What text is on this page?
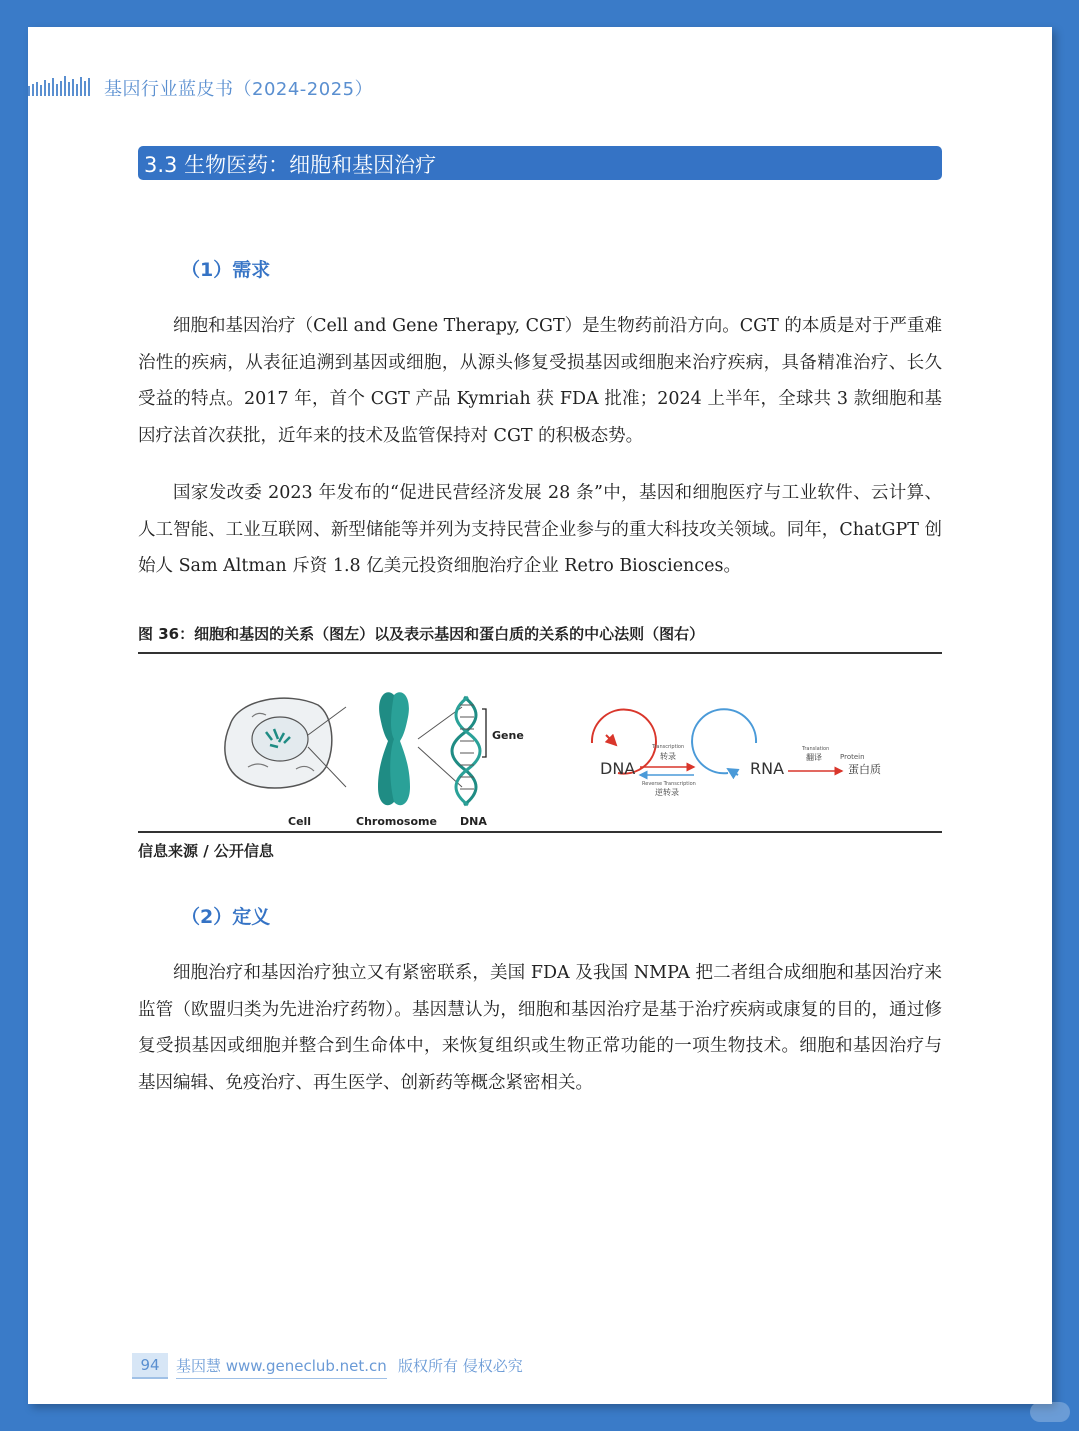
基因行业蓝皮书（2024-2025）
3.3 生物医药：细胞和基因治疗
（1）需求

细胞和基因治疗（Cell and Gene Therapy, CGT）是生物药前沿方向。CGT 的本质是对于严重难治性的疾病，从表征追溯到基因或细胞，从源头修复受损基因或细胞来治疗疾病，具备精准治疗、长久受益的特点。2017 年，首个 CGT 产品 Kymriah 获 FDA 批准；2024 上半年，全球共 3 款细胞和基因疗法首次获批，近年来的技术及监管保持对 CGT 的积极态势。

国家发改委 2023 年发布的“促进民营经济发展 28 条”中，基因和细胞医疗与工业软件、云计算、人工智能、工业互联网、新型储能等并列为支持民营企业参与的重大科技攻关领域。同年，ChatGPT 创始人 Sam Altman 斥资 1.8 亿美元投资细胞治疗企业 Retro Biosciences。

图 36：细胞和基因的关系（图左）以及表示基因和蛋白质的关系的中心法则（图右）
Cell	Chromosome
Gene
DNA
DNA	RNA
Transcription
转录
Reverse Transcription
逆转录
Translation
翻译	Protein
蛋白质
信息来源 / 公开信息
（2）定义

细胞治疗和基因治疗独立又有紧密联系，美国 FDA 及我国 NMPA 把二者组合成细胞和基因治疗来监管（欧盟归类为先进治疗药物）。基因慧认为，细胞和基因治疗是基于治疗疾病或康复的目的，通过修复受损基因或细胞并整合到生命体中，来恢复组织或生物正常功能的一项生物技术。细胞和基因治疗与基因编辑、免疫治疗、再生医学、创新药等概念紧密相关。

94	基因慧 www.geneclub.net.cn 版权所有 侵权必究
